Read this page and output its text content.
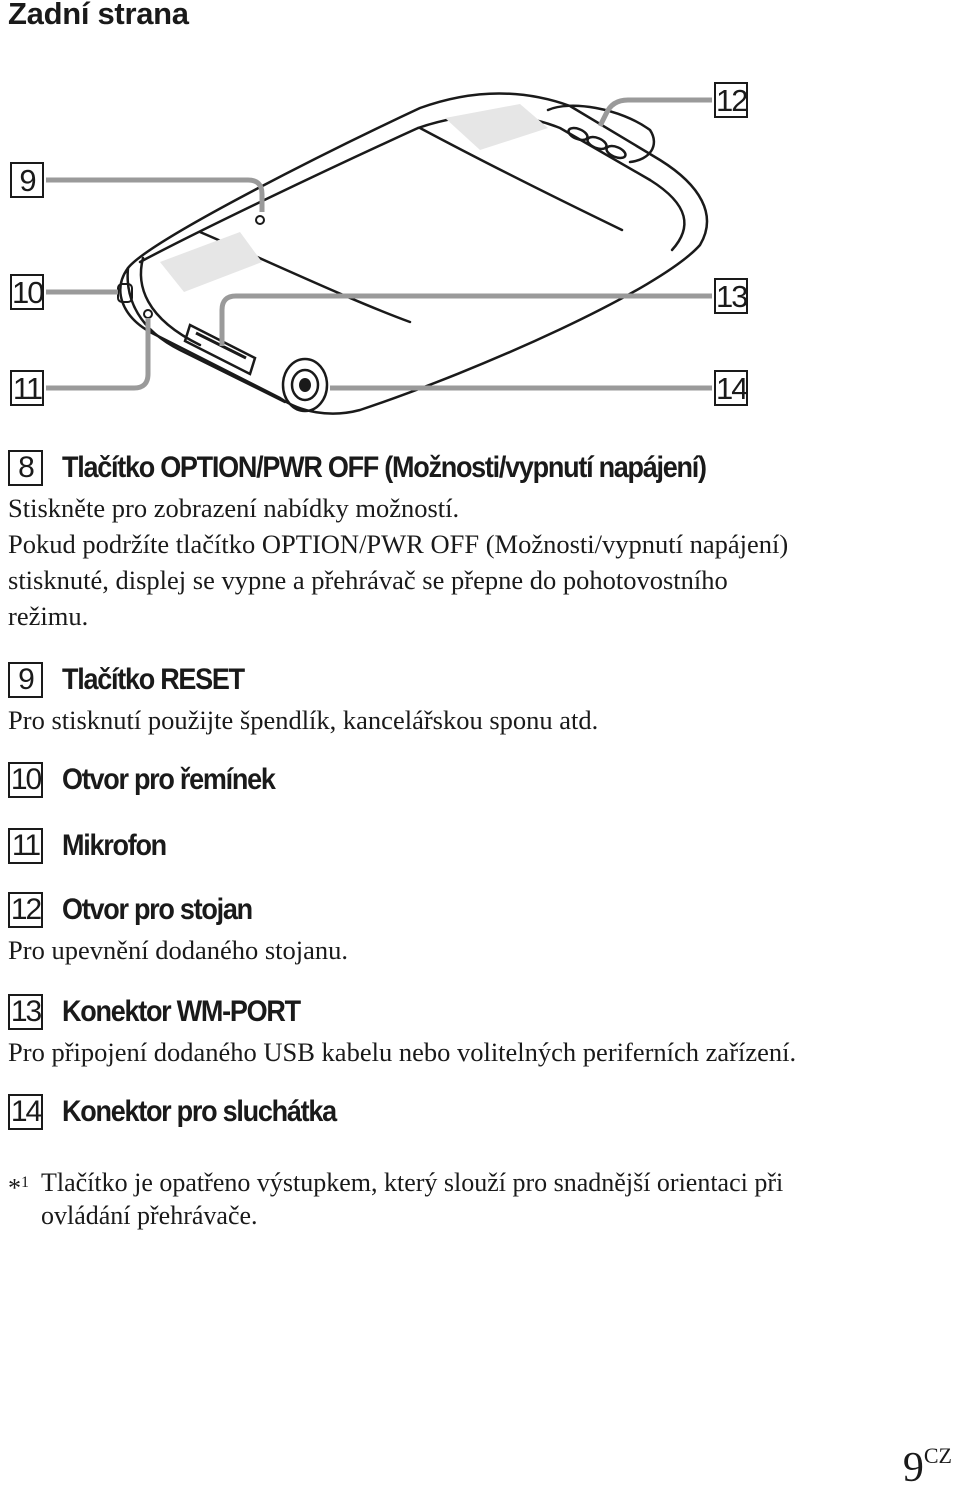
Zadní strana
9
10
11
12
13
14
8 Tlačítko OPTION/PWR OFF (Možnosti/vypnutí napájení)
Stiskněte pro zobrazení nabídky možností.
Pokud podržíte tlačítko OPTION/PWR OFF (Možnosti/vypnutí napájení)
stisknuté, displej se vypne a přehrávač se přepne do pohotovostního
režimu.
9 Tlačítko RESET
Pro stisknutí použijte špendlík, kancelářskou sponu atd.
10 Otvor pro řemínek
11 Mikrofon
12 Otvor pro stojan
Pro upevnění dodaného stojanu.
13 Konektor WM-PORT
Pro připojení dodaného USB kabelu nebo volitelných periferních zařízení.
14 Konektor pro sluchátka
*$^1$ Tlačítko je opatřeno výstupkem, který slouží pro snadnější orientaci při
ovládání přehrávače.
$9^{CZ}$
